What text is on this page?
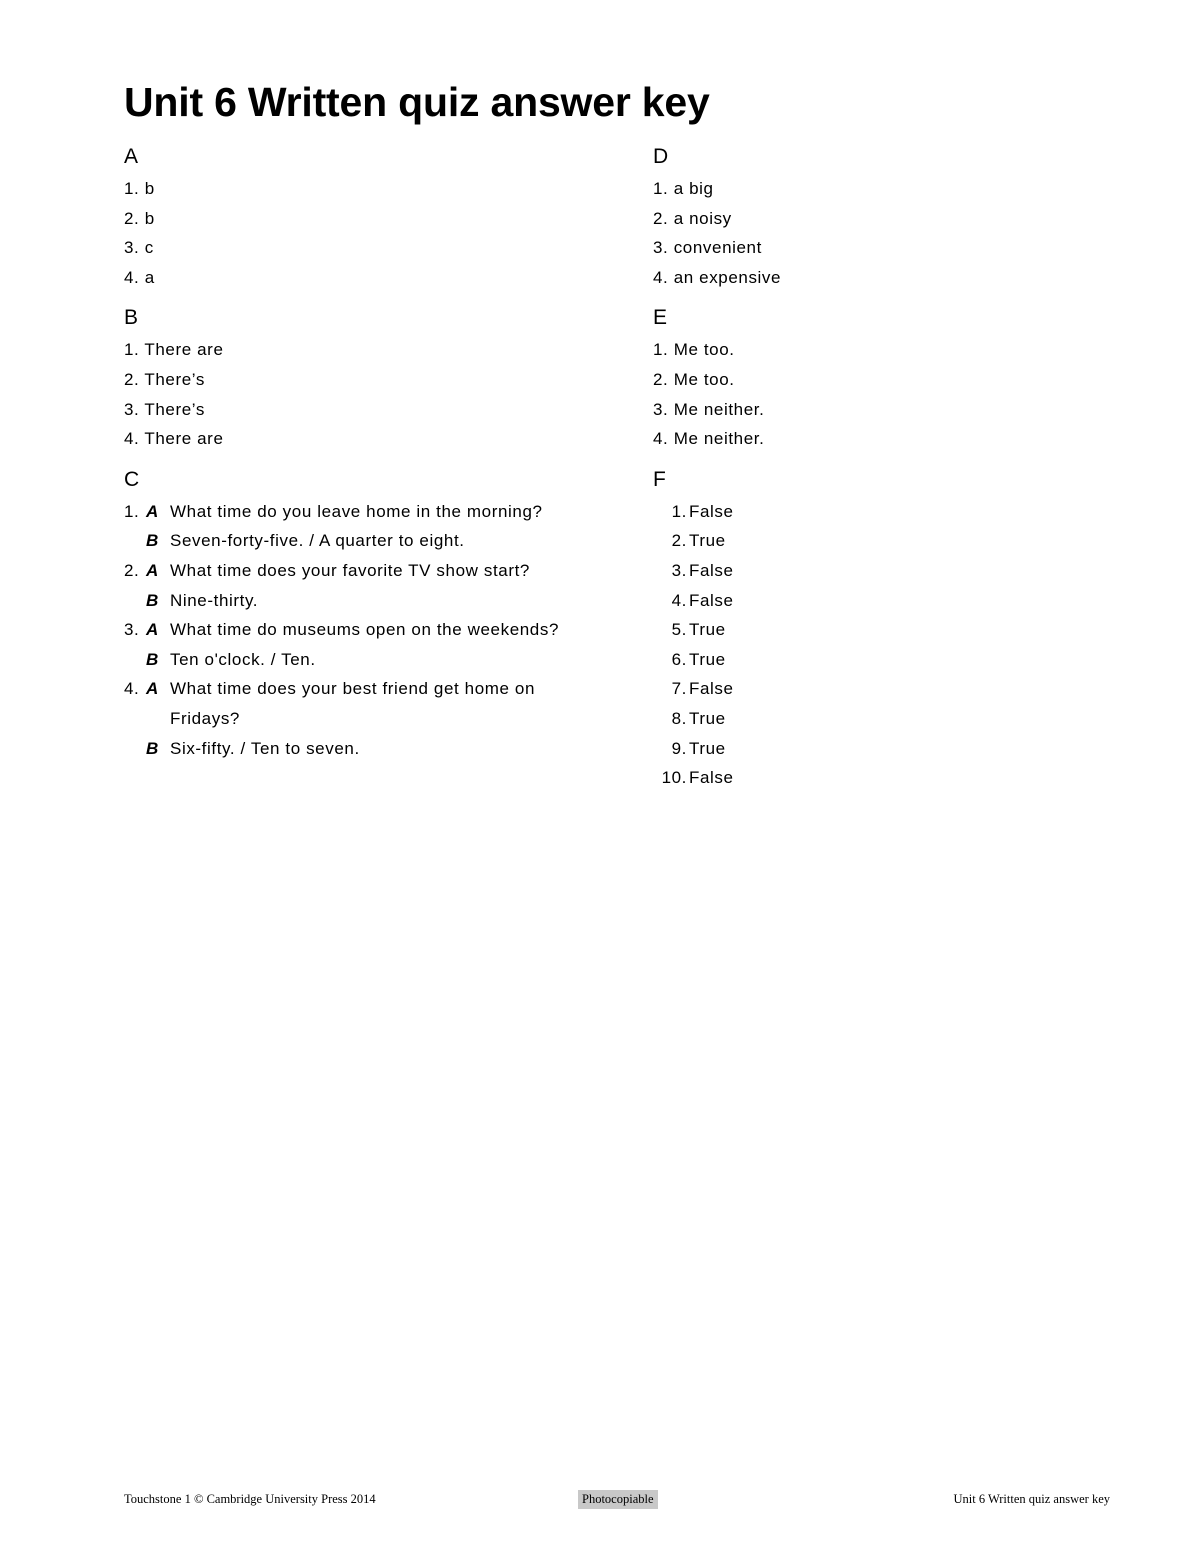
Unit 6 Written quiz answer key
A
1. b
2. b
3. c
4. a
B
1. There are
2. There’s
3. There’s
4. There are
C
1. A What time do you leave home in the morning?
B Seven-forty-five. / A quarter to eight.
2. A What time does your favorite TV show start?
B Nine-thirty.
3. A What time do museums open on the weekends?
B Ten o'clock. / Ten.
4. A What time does your best friend get home on Fridays?
B Six-fifty. / Ten to seven.
D
1. a big
2. a noisy
3. convenient
4. an expensive
E
1. Me too.
2. Me too.
3. Me neither.
4. Me neither.
F
1. False
2. True
3. False
4. False
5. True
6. True
7. False
8. True
9. True
10. False
Touchstone 1 © Cambridge University Press 2014	Photocopiable	Unit 6 Written quiz answer key
